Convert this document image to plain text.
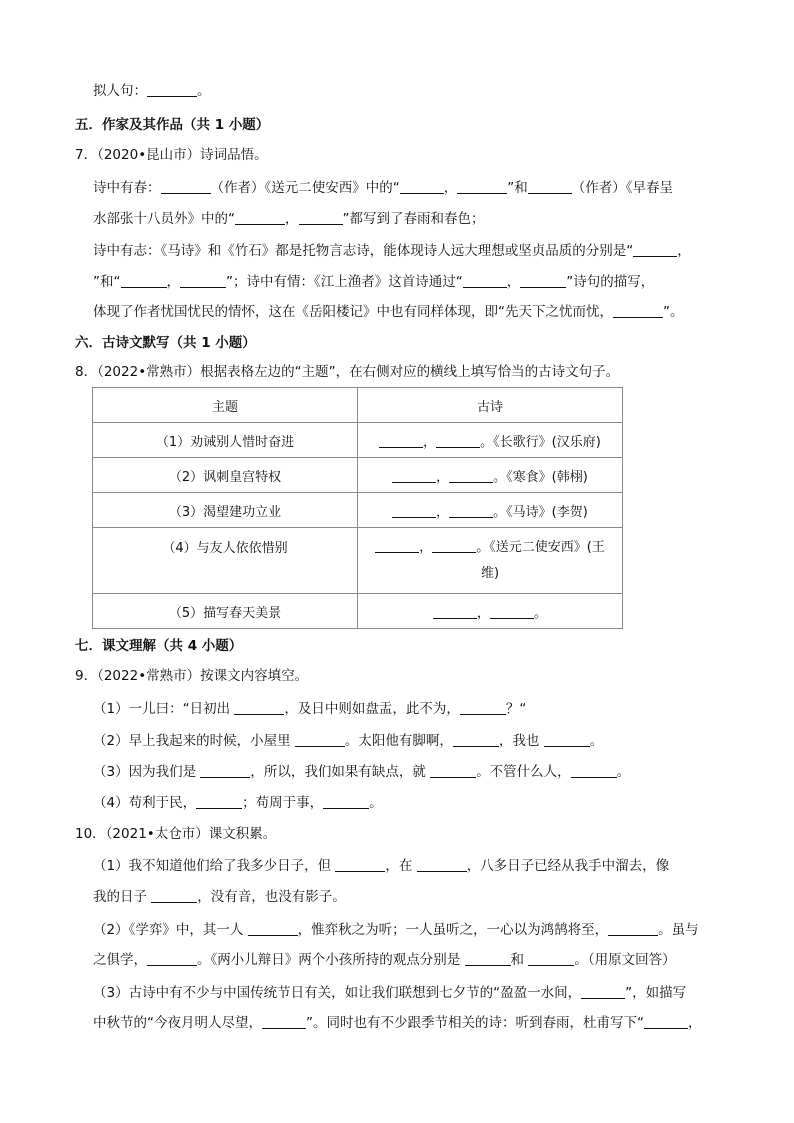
拟人句：	。
五．作家及其作品（共 1 小题）
7．（2020•昆山市）诗词品悟。
诗中有春：	（作者）《送元二使安西》中的“	，	”和	（作者）《早春呈
水部张十八员外》中的“	，	”都写到了春雨和春色；
诗中有志：《马诗》和《竹石》都是托物言志诗，能体现诗人远大理想或坚贞品质的分别是“	，
”和“	，	”；诗中有情：《江上渔者》这首诗通过“	，	”诗句的描写，
体现了作者忧国忧民的情怀，这在《岳阳楼记》中也有同样体现，即“先天下之忧而忧，	”。
六．古诗文默写（共 1 小题）
8．（2022•常熟市）根据表格左边的“主题”，在右侧对应的横线上填写恰当的古诗文句子。
主题	古诗
（1）劝诫别人惜时奋进	， 。《长歌行》(汉乐府)
（2）讽刺皇宫特权	， 。《寒食》(韩栩)
（3）渴望建功立业	， 。《马诗》(李贺)
（4）与友人依依惜别	， 。《送元二使安西》(王
维)

（5）描写春天美景	， 。
七．课文理解（共 4 小题）
9．（2022•常熟市）按课文内容填空。
（1）一儿曰：“日初出	，及日中则如盘盂，此不为，	？“
（2）早上我起来的时候，小屋里	。太阳他有脚啊，	，我也	。
（3）因为我们是	，所以，我们如果有缺点，就	。不管什么人，	。
（4）苟利于民，	；苟周于事，	。
10．（2021•太仓市）课文积累。
（1）我不知道他们给了我多少日子，但	，在	，八多日子已经从我手中溜去，像
我的日子	，没有音，也没有影子。
（2）《学弈》中，其一人	，惟弈秋之为听；一人虽听之，一心以为鸿鹄将至，	。虽与
之俱学，	。《两小儿辩日》两个小孩所持的观点分别是	和	。（用原文回答）
（3）古诗中有不少与中国传统节日有关，如让我们联想到七夕节的“盈盈一水间，	”，如描写
中秋节的“今夜月明人尽望，	”。同时也有不少跟季节相关的诗：听到春雨，杜甫写下“	，
